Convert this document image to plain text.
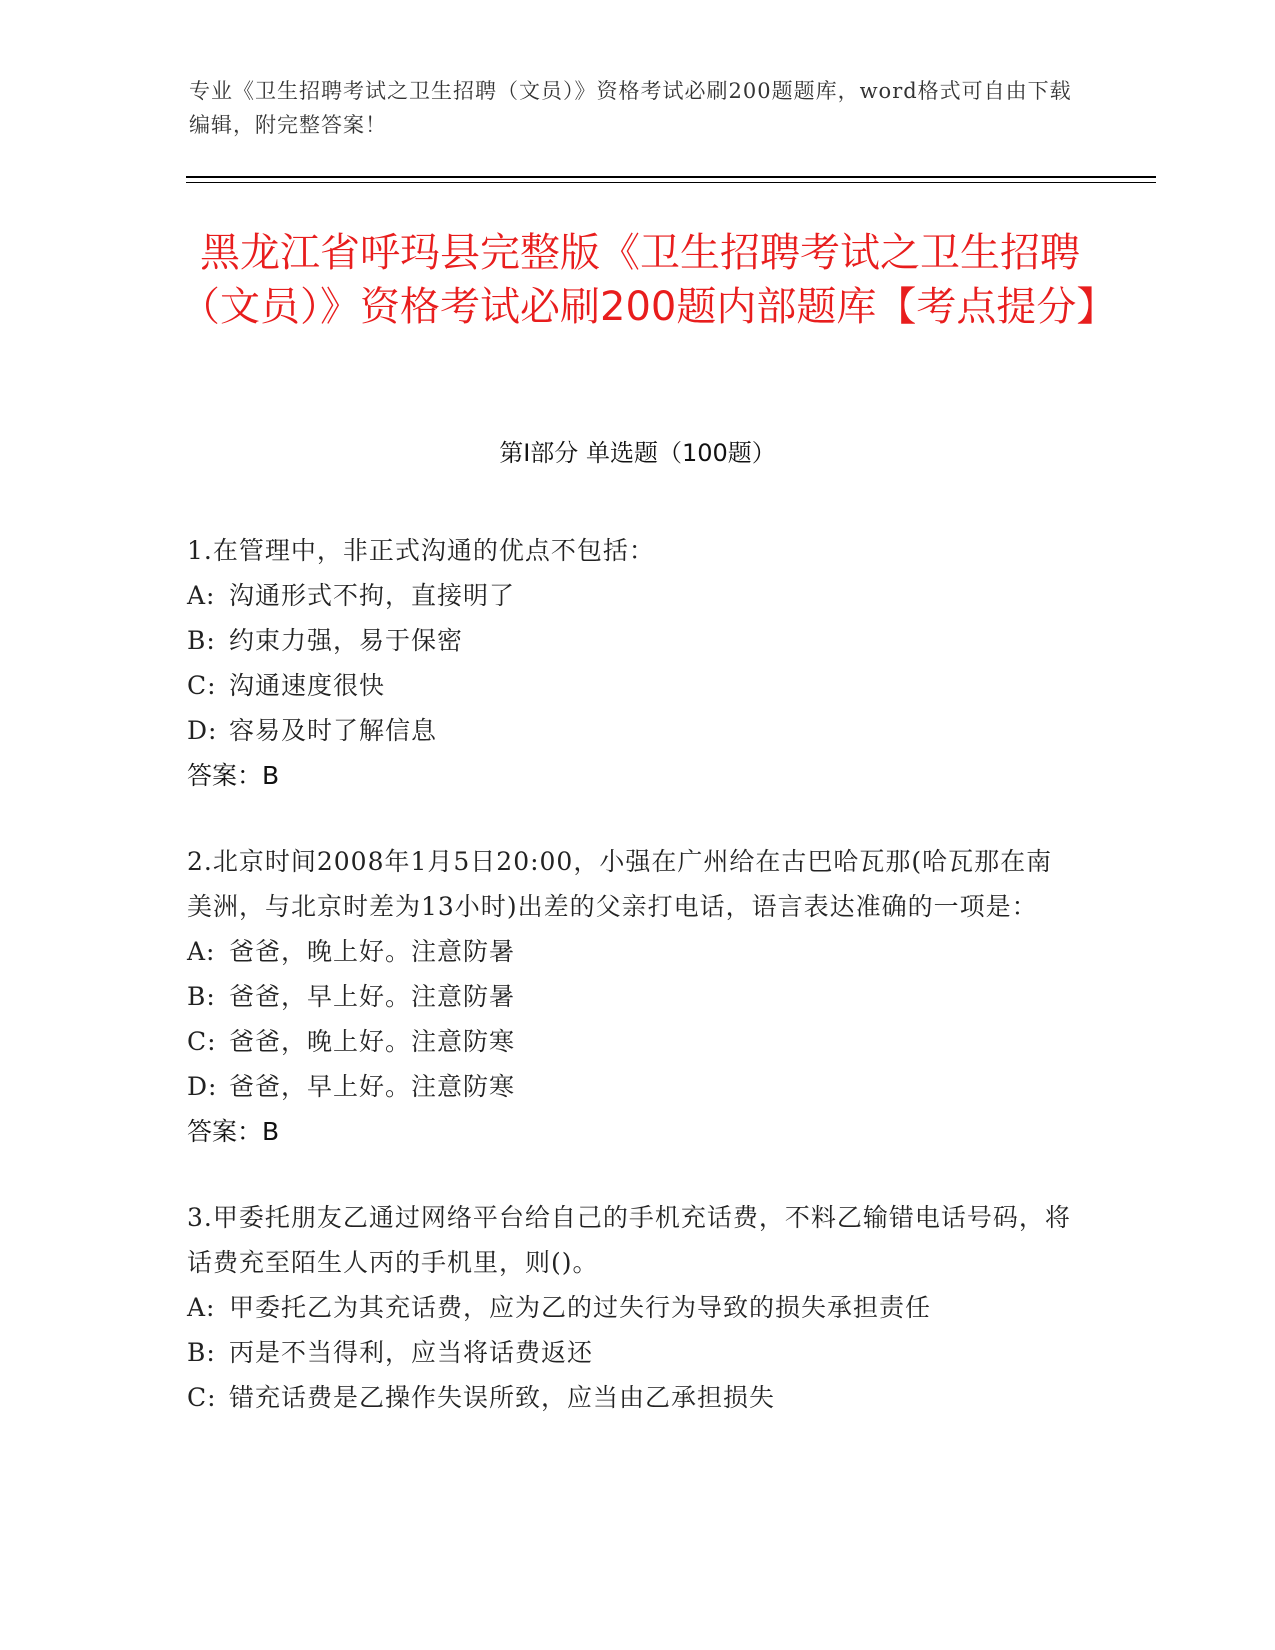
专业《卫生招聘考试之卫生招聘（文员）》资格考试必刷200题题库，word格式可自由下载编辑，附完整答案！
黑龙江省呼玛县完整版《卫生招聘考试之卫生招聘（文员）》资格考试必刷200题内部题库【考点提分】
第Ⅰ部分 单选题（100题）
1.在管理中，非正式沟通的优点不包括：
A: 沟通形式不拘，直接明了
B: 约束力强，易于保密
C: 沟通速度很快
D: 容易及时了解信息
答案：B
2.北京时间2008年1月5日20:00，小强在广州给在古巴哈瓦那(哈瓦那在南美洲，与北京时差为13小时)出差的父亲打电话，语言表达准确的一项是：
A: 爸爸，晚上好。注意防暑
B: 爸爸，早上好。注意防暑
C: 爸爸，晚上好。注意防寒
D: 爸爸，早上好。注意防寒
答案：B
3.甲委托朋友乙通过网络平台给自己的手机充话费，不料乙输错电话号码，将话费充至陌生人丙的手机里，则()。
A: 甲委托乙为其充话费，应为乙的过失行为导致的损失承担责任
B: 丙是不当得利，应当将话费返还
C: 错充话费是乙操作失误所致，应当由乙承担损失
